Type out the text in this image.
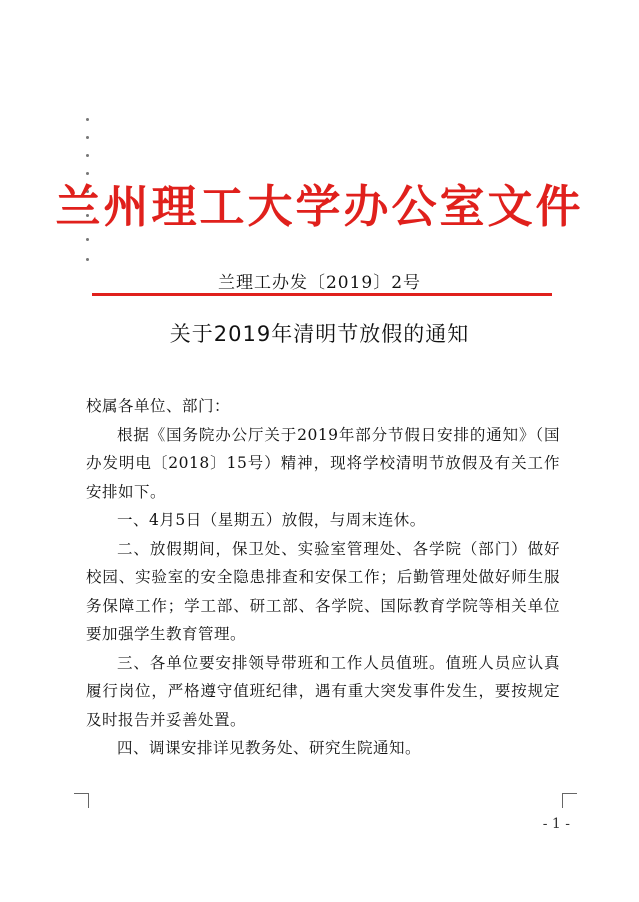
兰州理工大学办公室文件
兰理工办发〔2019〕2号
关于2019年清明节放假的通知

校属各单位、部门：

根据《国务院办公厅关于2019年部分节假日安排的通知》（国办发明电〔2018〕15号）精神，现将学校清明节放假及有关工作安排如下。

一、4月5日（星期五）放假，与周末连休。

二、放假期间，保卫处、实验室管理处、各学院（部门）做好校园、实验室的安全隐患排查和安保工作；后勤管理处做好师生服务保障工作；学工部、研工部、各学院、国际教育学院等相关单位要加强学生教育管理。

三、各单位要安排领导带班和工作人员值班。值班人员应认真履行岗位，严格遵守值班纪律，遇有重大突发事件发生，要按规定及时报告并妥善处置。

四、调课安排详见教务处、研究生院通知。

- 1 -
